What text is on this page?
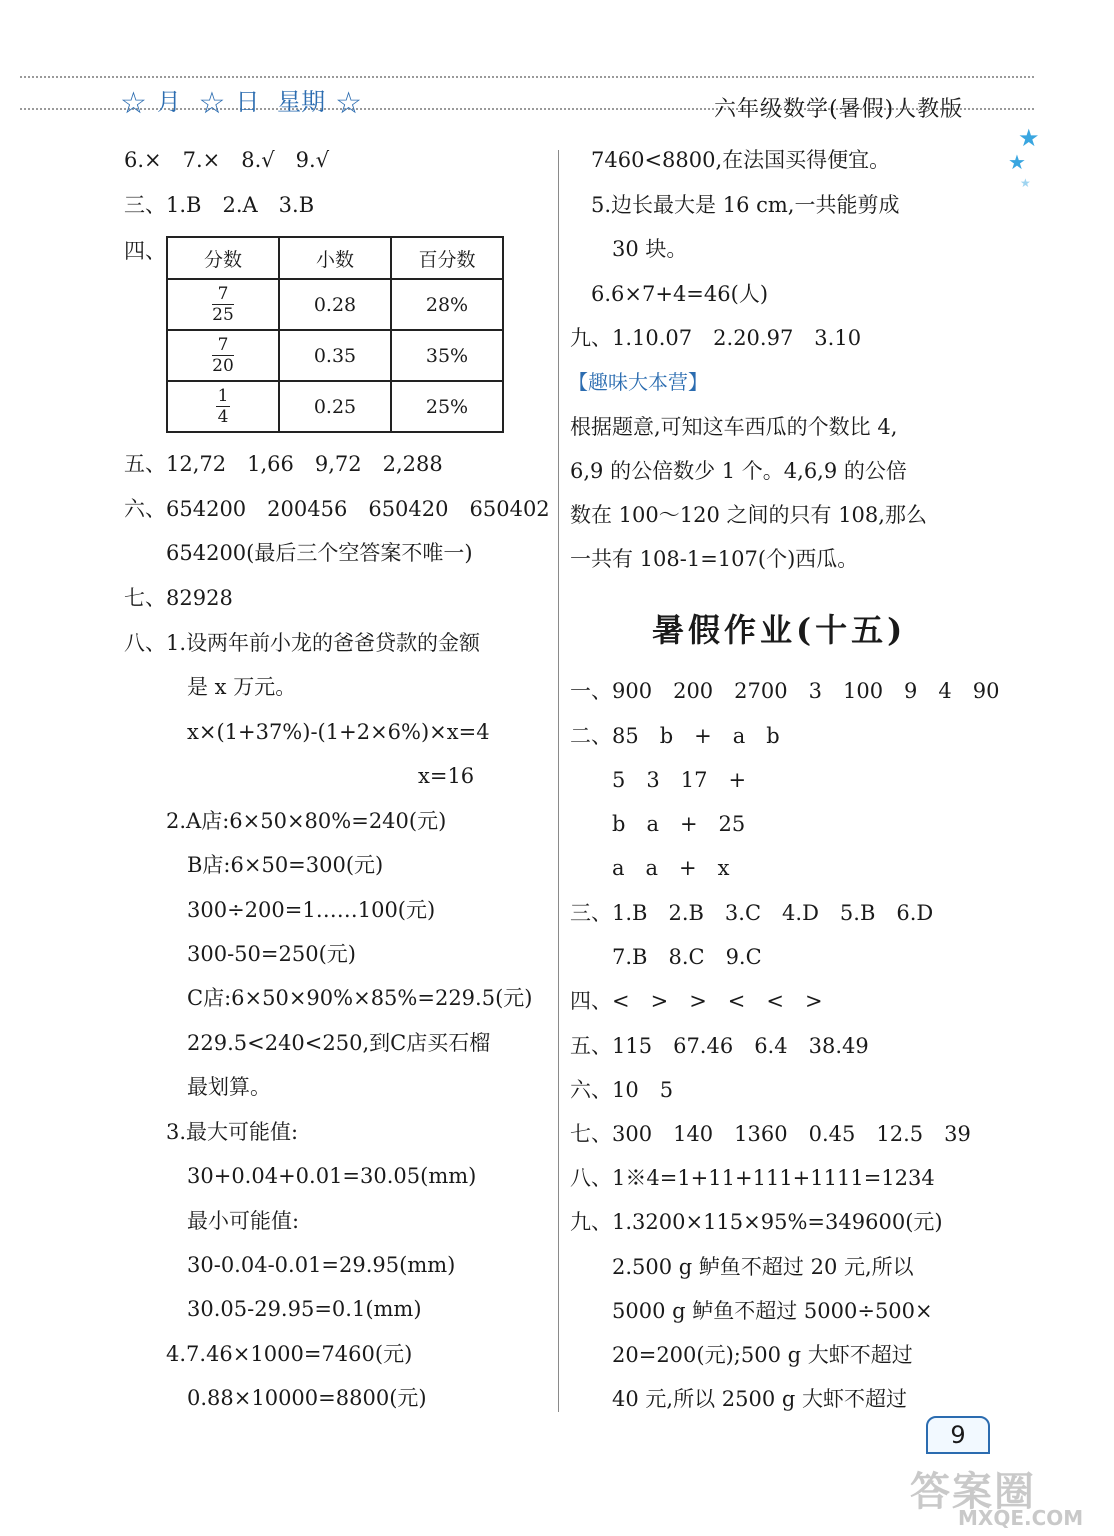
☆ 月 ☆ 日 星期 ☆	六年级数学(暑假)人教版
★
★
★
6.×　7.×　8.√　9.√
三、1.B　2.A　3.B
四、
五、12,72　1,66　9,72　2,288
六、654200　200456　650420　650402
　　654200(最后三个空答案不唯一)
七、82928
八、1.设两年前小龙的爸爸贷款的金额
　　　是 x 万元。
　　　x×(1+37%)-(1+2×6%)×x=4
　　　　　　　　　　　　　　x=16
　　2.A店:6×50×80%=240(元)
　　　B店:6×50=300(元)
　　　300÷200=1……100(元)
　　　300-50=250(元)
　　　C店:6×50×90%×85%=229.5(元)
　　　229.5<240<250,到C店买石榴
　　　最划算。
　　3.最大可能值:
　　　30+0.04+0.01=30.05(mm)
　　　最小可能值:
　　　30-0.04-0.01=29.95(mm)
　　　30.05-29.95=0.1(mm)
　　4.7.46×1000=7460(元)
　　　0.88×10000=8800(元)
分数	小数	百分数

$\frac{7}{25}$	0.28	28%

$\frac{7}{20}$	0.35	35%

$\frac{1}{4}$	0.25	25%
　7460<8800,在法国买得便宜。
　5.边长最大是 16 cm,一共能剪成
　　30 块。
　6.6×7+4=46(人)
九、1.10.07　2.20.97　3.10
根据题意,可知这车西瓜的个数比 4,
6,9 的公倍数少 1 个。4,6,9 的公倍
数在 100～120 之间的只有 108,那么
一共有 108-1=107(个)西瓜。
一、900　200　2700　3　100　9　4　90
二、85　b　+　a　b
　　5　3　17　+
　　b　a　+　25
　　a　a　+　x
三、1.B　2.B　3.C　4.D　5.B　6.D
　　7.B　8.C　9.C
四、<　>　>　<　<　>
五、115　67.46　6.4　38.49
六、10　5
七、300　140　1360　0.45　12.5　39
八、1※4=1+11+111+1111=1234
九、1.3200×115×95%=349600(元)
　　2.500 g 鲈鱼不超过 20 元,所以
　　5000 g 鲈鱼不超过 5000÷500×
　　20=200(元);500 g 大虾不超过
　　40 元,所以 2500 g 大虾不超过
【趣味大本营】
暑假作业(十五)
9
答案圈
MXQE.COM
